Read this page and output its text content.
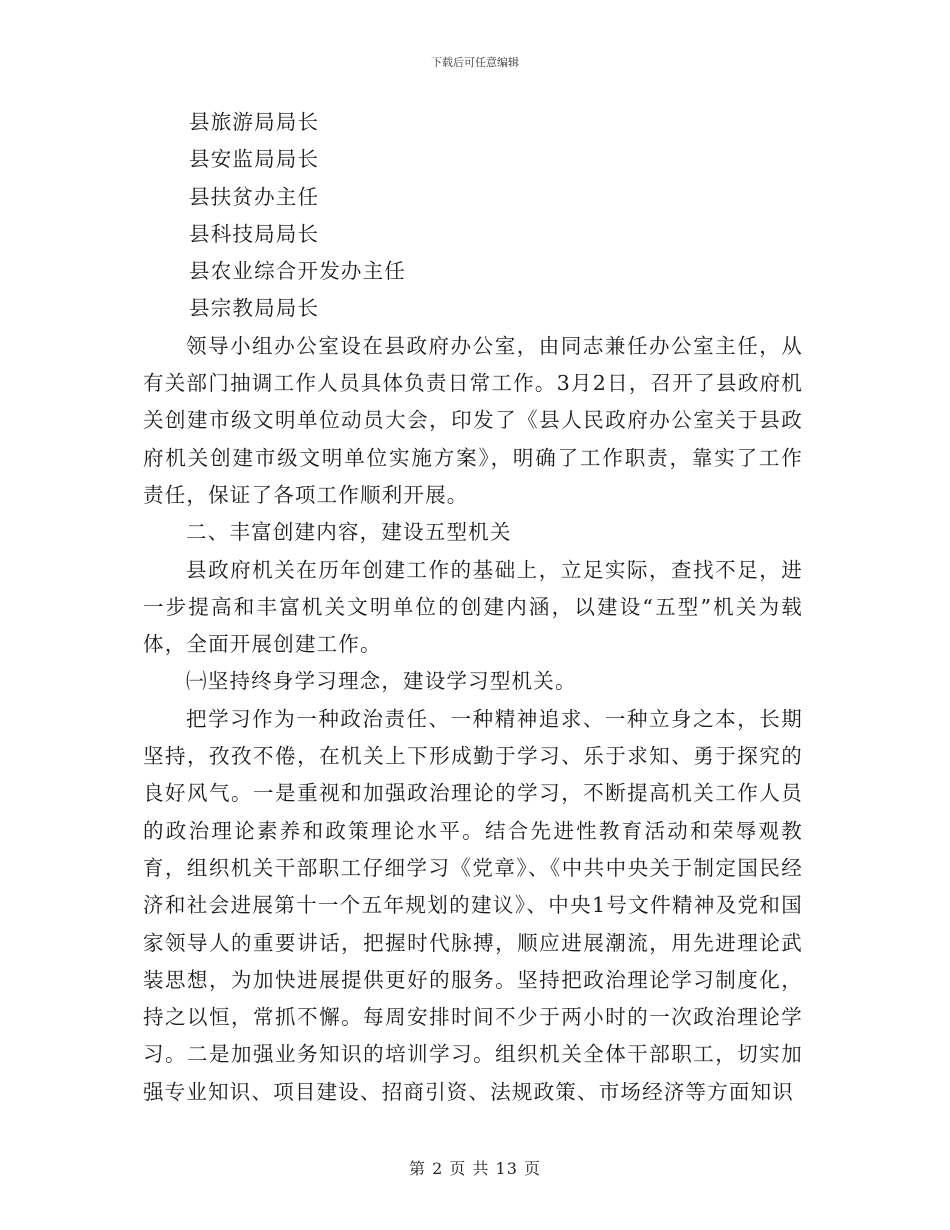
下载后可任意编辑

县旅游局局长

县安监局局长

县扶贫办主任

县科技局局长

县农业综合开发办主任

县宗教局局长

领导小组办公室设在县政府办公室，由同志兼任办公室主任，从有关部门抽调工作人员具体负责日常工作。3月2日，召开了县政府机关创建市级文明单位动员大会，印发了《县人民政府办公室关于县政府机关创建市级文明单位实施方案》，明确了工作职责，靠实了工作责任，保证了各项工作顺利开展。

二、丰富创建内容，建设五型机关

县政府机关在历年创建工作的基础上，立足实际，查找不足，进一步提高和丰富机关文明单位的创建内涵，以建设“五型”机关为载体，全面开展创建工作。

㈠坚持终身学习理念，建设学习型机关。

把学习作为一种政治责任、一种精神追求、一种立身之本，长期坚持，孜孜不倦，在机关上下形成勤于学习、乐于求知、勇于探究的良好风气。一是重视和加强政治理论的学习，不断提高机关工作人员的政治理论素养和政策理论水平。结合先进性教育活动和荣辱观教育，组织机关干部职工仔细学习《党章》、《中共中央关于制定国民经济和社会进展第十一个五年规划的建议》、中央1号文件精神及党和国家领导人的重要讲话，把握时代脉搏，顺应进展潮流，用先进理论武装思想，为加快进展提供更好的服务。坚持把政治理论学习制度化，持之以恒，常抓不懈。每周安排时间不少于两小时的一次政治理论学习。二是加强业务知识的培训学习。组织机关全体干部职工，切实加强专业知识、项目建设、招商引资、法规政策、市场经济等方面知识

第 2 页 共 13 页
